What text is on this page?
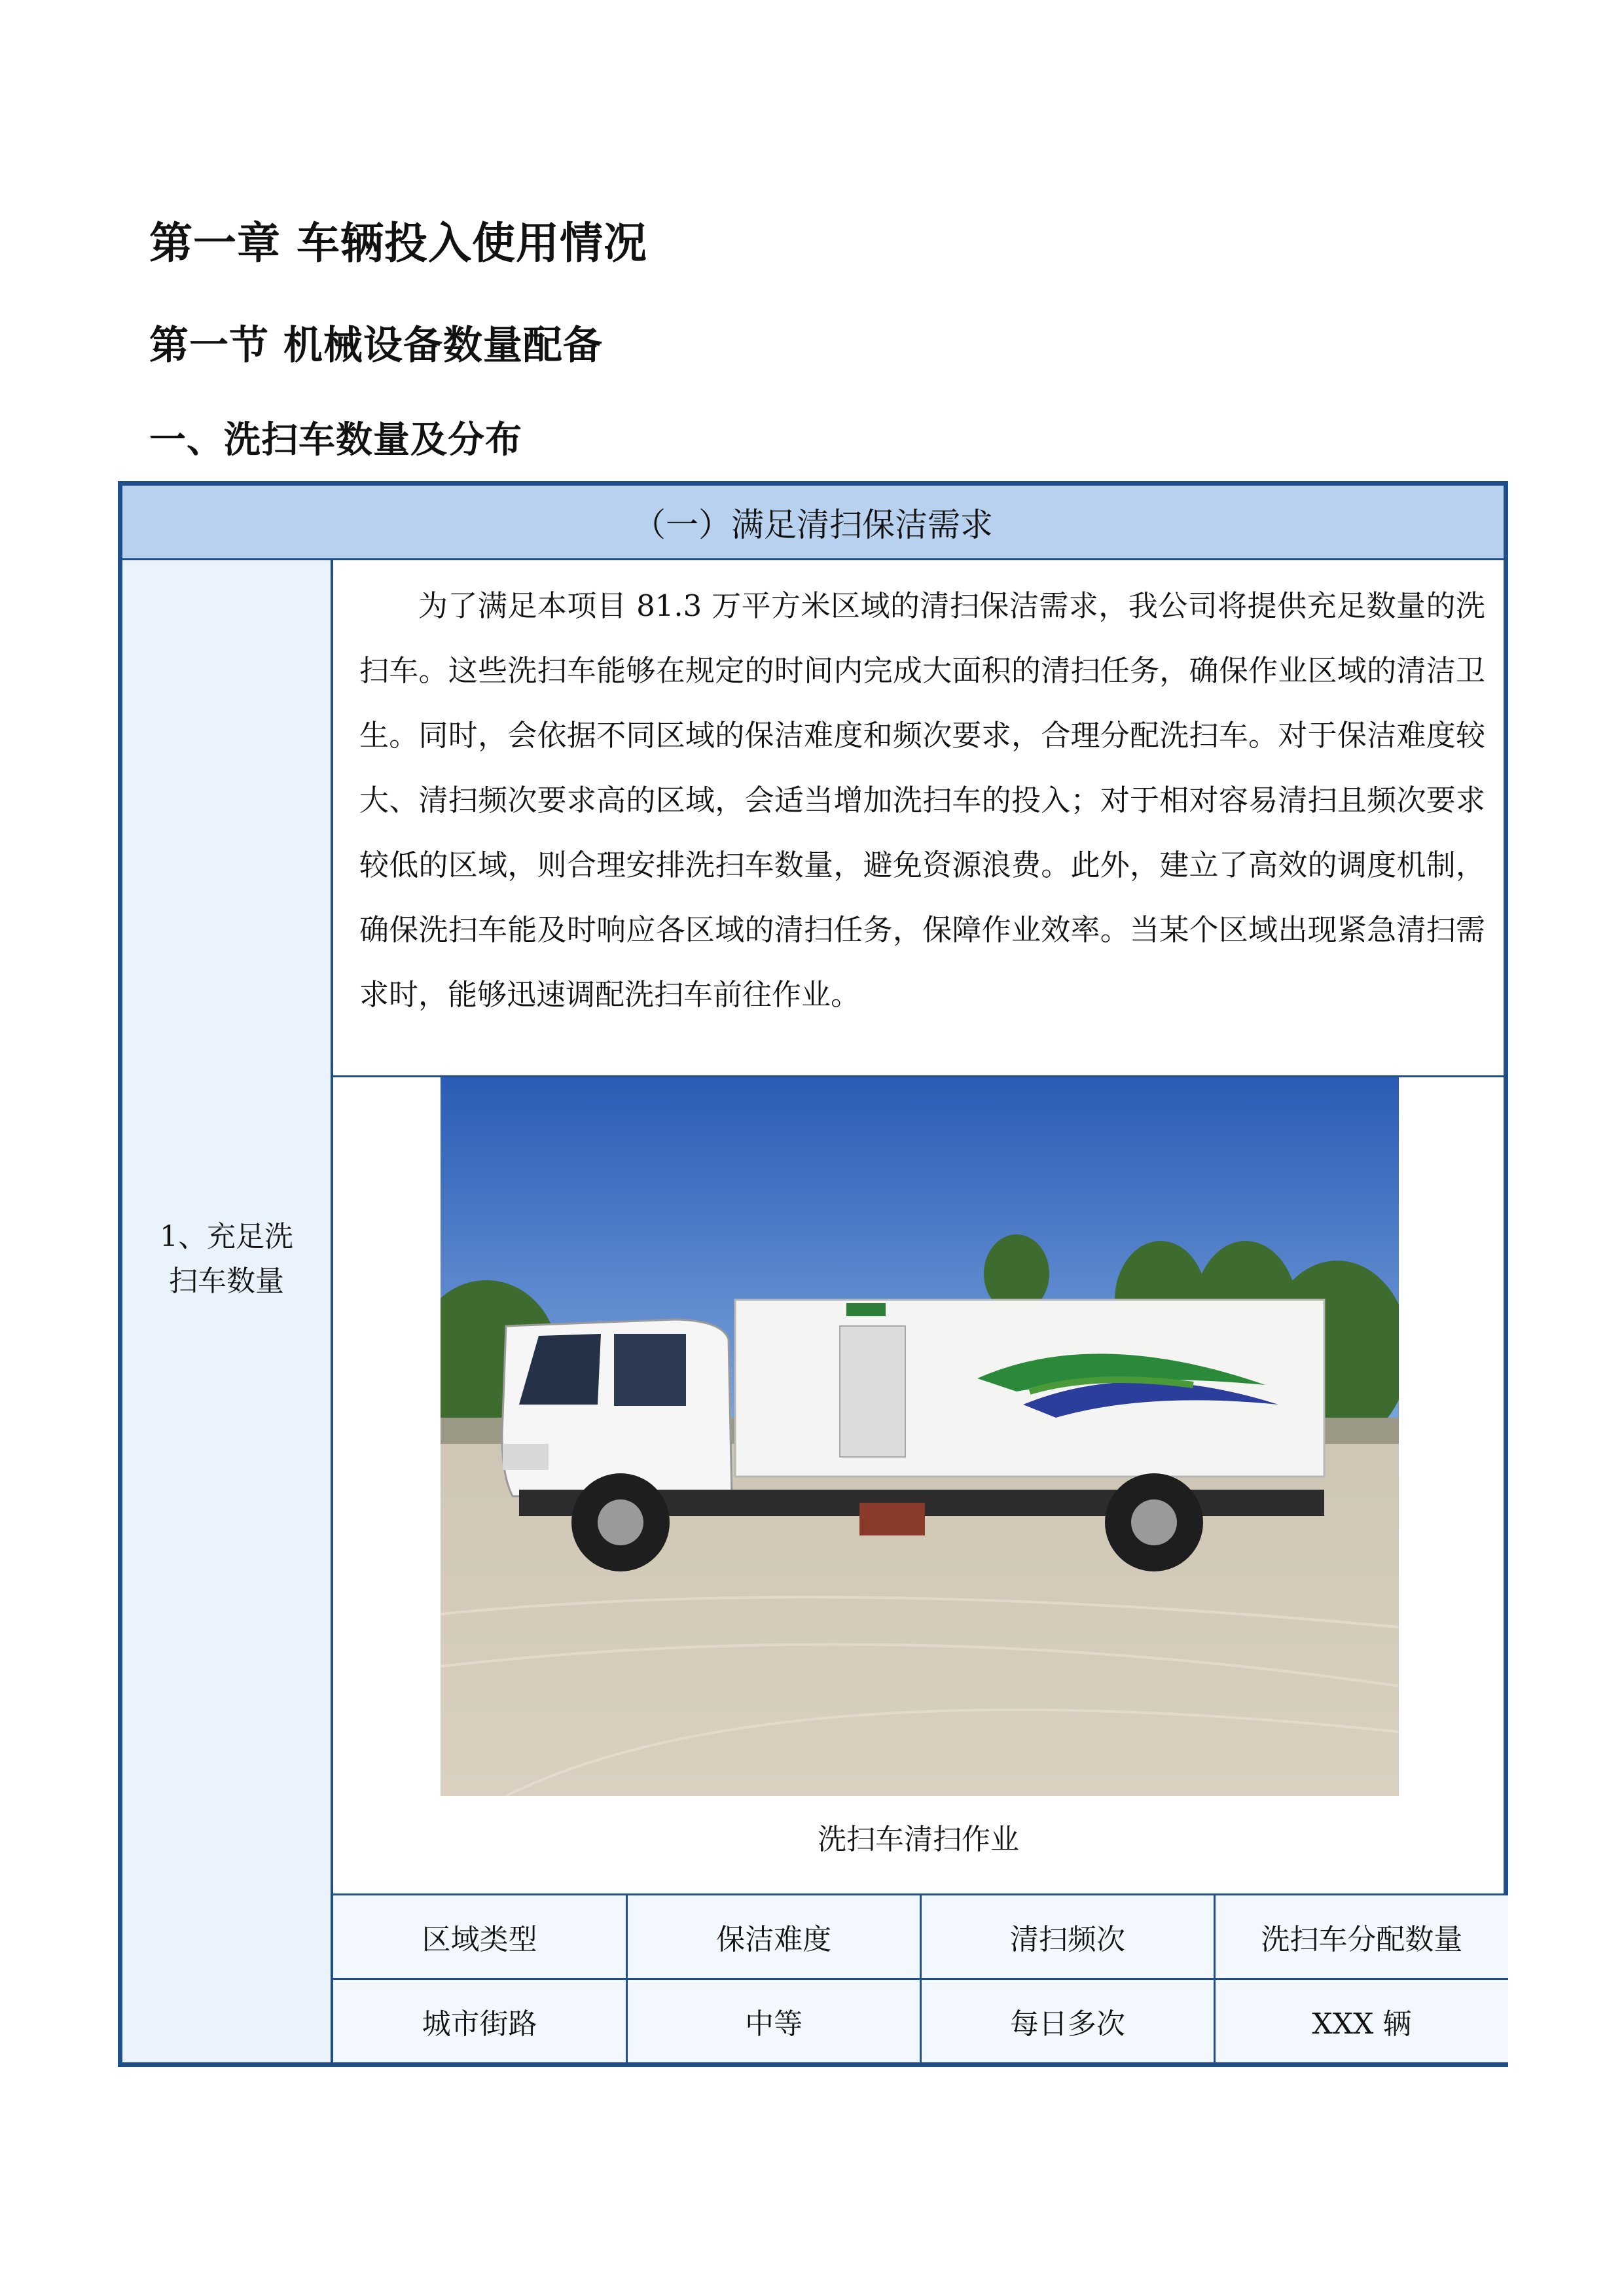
第一章 车辆投入使用情况
第一节 机械设备数量配备
一、洗扫车数量及分布
（一）满足清扫保洁需求
1、充足洗扫车数量
为了满足本项目 81.3 万平方米区域的清扫保洁需求，我公司将提供充足数量的洗扫车。这些洗扫车能够在规定的时间内完成大面积的清扫任务，确保作业区域的清洁卫生。同时，会依据不同区域的保洁难度和频次要求，合理分配洗扫车。对于保洁难度较大、清扫频次要求高的区域，会适当增加洗扫车的投入；对于相对容易清扫且频次要求较低的区域，则合理安排洗扫车数量，避免资源浪费。此外，建立了高效的调度机制，确保洗扫车能及时响应各区域的清扫任务，保障作业效率。当某个区域出现紧急清扫需求时，能够迅速调配洗扫车前往作业。
洗扫车清扫作业
区域类型	保洁难度	清扫频次	洗扫车分配数量
城市街路	中等	每日多次	XXX 辆
